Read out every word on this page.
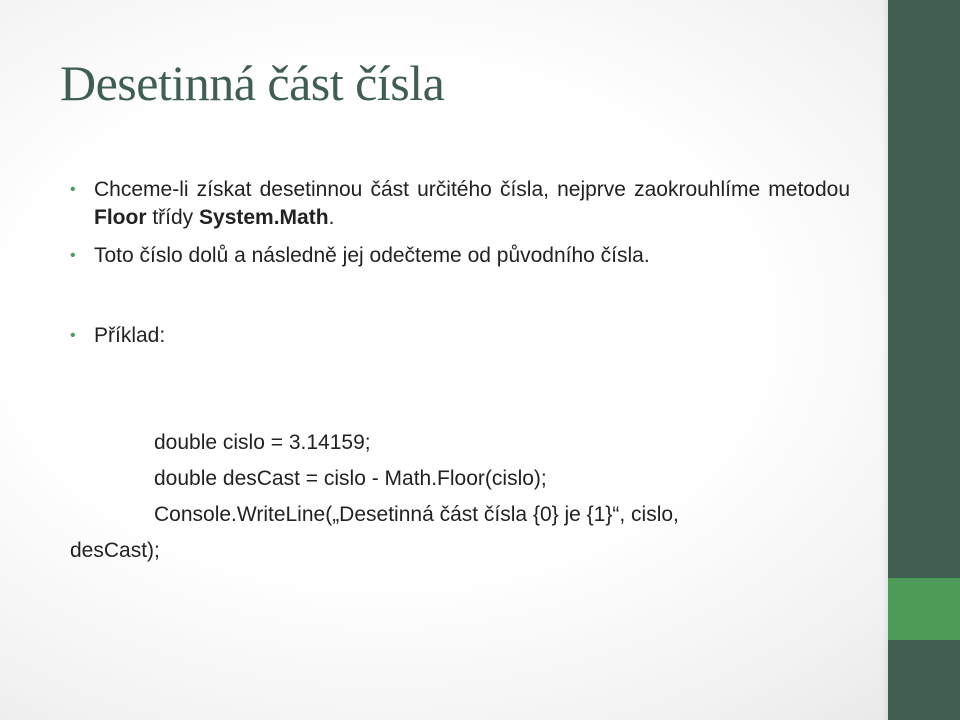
Desetinná část čísla
• Chceme-li získat desetinnou část určitého čísla, nejprve zaokrouhlíme metodou Floor třídy System.Math.
• Toto číslo dolů a následně jej odečteme od původního čísla.
• Příklad:
double cislo = 3.14159;
double desCast = cislo - Math.Floor(cislo);
Console.WriteLine(„Desetinná část čísla {0} je {1}“, cislo,
desCast);
